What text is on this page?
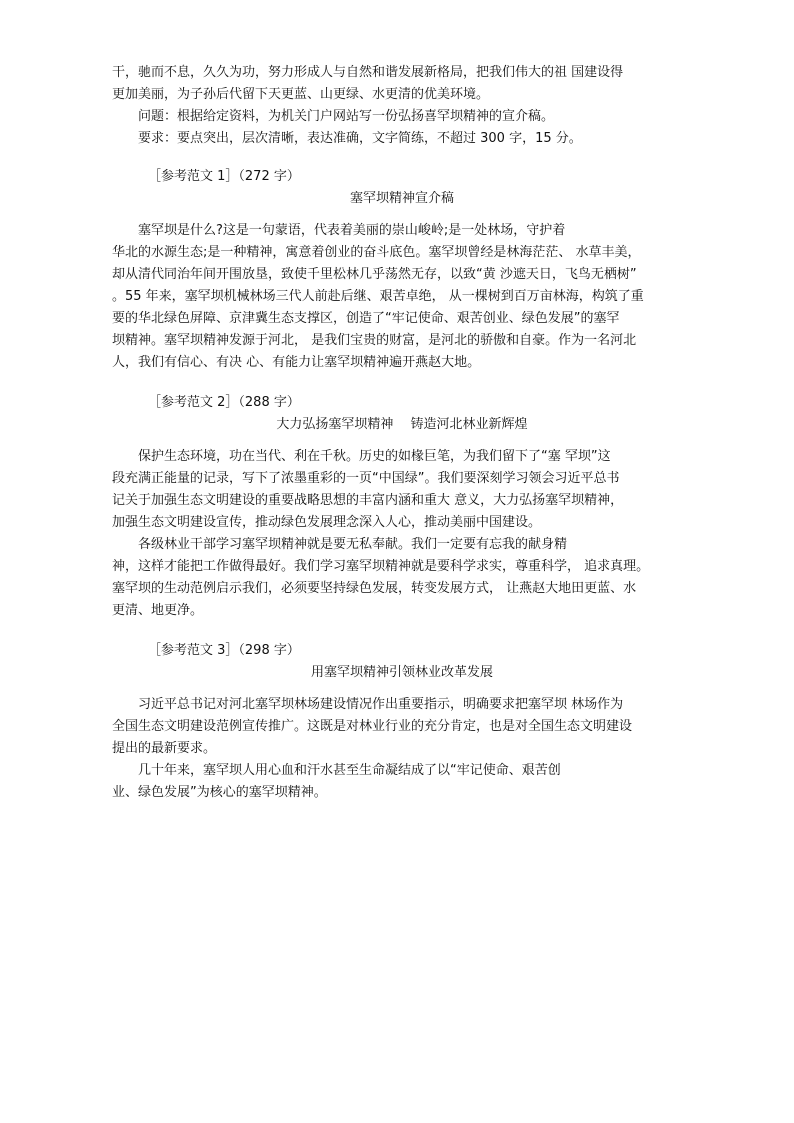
干，驰而不息，久久为功，努力形成人与自然和谐发展新格局，把我们伟大的祖 国建设得
更加美丽，为子孙后代留下天更蓝、山更绿、水更清的优美环境。
问题：根据给定资料，为机关门户网站写一份弘扬喜罕坝精神的宣介稿。
要求：要点突出，层次清晰，表达准确，文字简练，不超过 300 字，15 分。
［参考范文 1］（272 字）
塞罕坝精神宣介稿
塞罕坝是什么?这是一句蒙语，代表着美丽的崇山峻岭;是一处林场，守护着
华北的水源生态;是一种精神，寓意着创业的奋斗底色。塞罕坝曾经是林海茫茫、 水草丰美，
却从清代同治年间开围放垦，致使千里松林几乎荡然无存，以致“黄 沙遮天日，飞鸟无栖树”
。55 年来，塞罕坝机械林场三代人前赴后继、艰苦卓绝， 从一棵树到百万亩林海，构筑了重
要的华北绿色屏障、京津冀生态支撑区，创造了“牢记使命、艰苦创业、绿色发展”的塞罕
坝精神。塞罕坝精神发源于河北， 是我们宝贵的财富，是河北的骄傲和自豪。作为一名河北
人，我们有信心、有决 心、有能力让塞罕坝精神遍开燕赵大地。
［参考范文 2］（288 字）
大力弘扬塞罕坝精神　 铸造河北林业新辉煌
保护生态环境，功在当代、利在千秋。历史的如椽巨笔，为我们留下了“塞 罕坝”这
段充满正能量的记录，写下了浓墨重彩的一页“中国绿”。我们要深刻学习领会习近平总书
记关于加强生态文明建设的重要战略思想的丰富内涵和重大 意义，大力弘扬塞罕坝精神，
加强生态文明建设宣传，推动绿色发展理念深入人心，推动美丽中国建设。
各级林业干部学习塞罕坝精神就是要无私奉献。我们一定要有忘我的献身精
神，这样才能把工作做得最好。我们学习塞罕坝精神就是要科学求实，尊重科学， 追求真理。
塞罕坝的生动范例启示我们，必须要坚持绿色发展，转变发展方式， 让燕赵大地田更蓝、水
更清、地更净。
［参考范文 3］（298 字）
用塞罕坝精神引领林业改革发展
习近平总书记对河北塞罕坝林场建设情况作出重要指示，明确要求把塞罕坝 林场作为
全国生态文明建设范例宣传推广。这既是对林业行业的充分肯定，也是对全国生态文明建设
提出的最新要求。
几十年来，塞罕坝人用心血和汗水甚至生命凝结成了以“牢记使命、艰苦创
业、绿色发展”为核心的塞罕坝精神。
